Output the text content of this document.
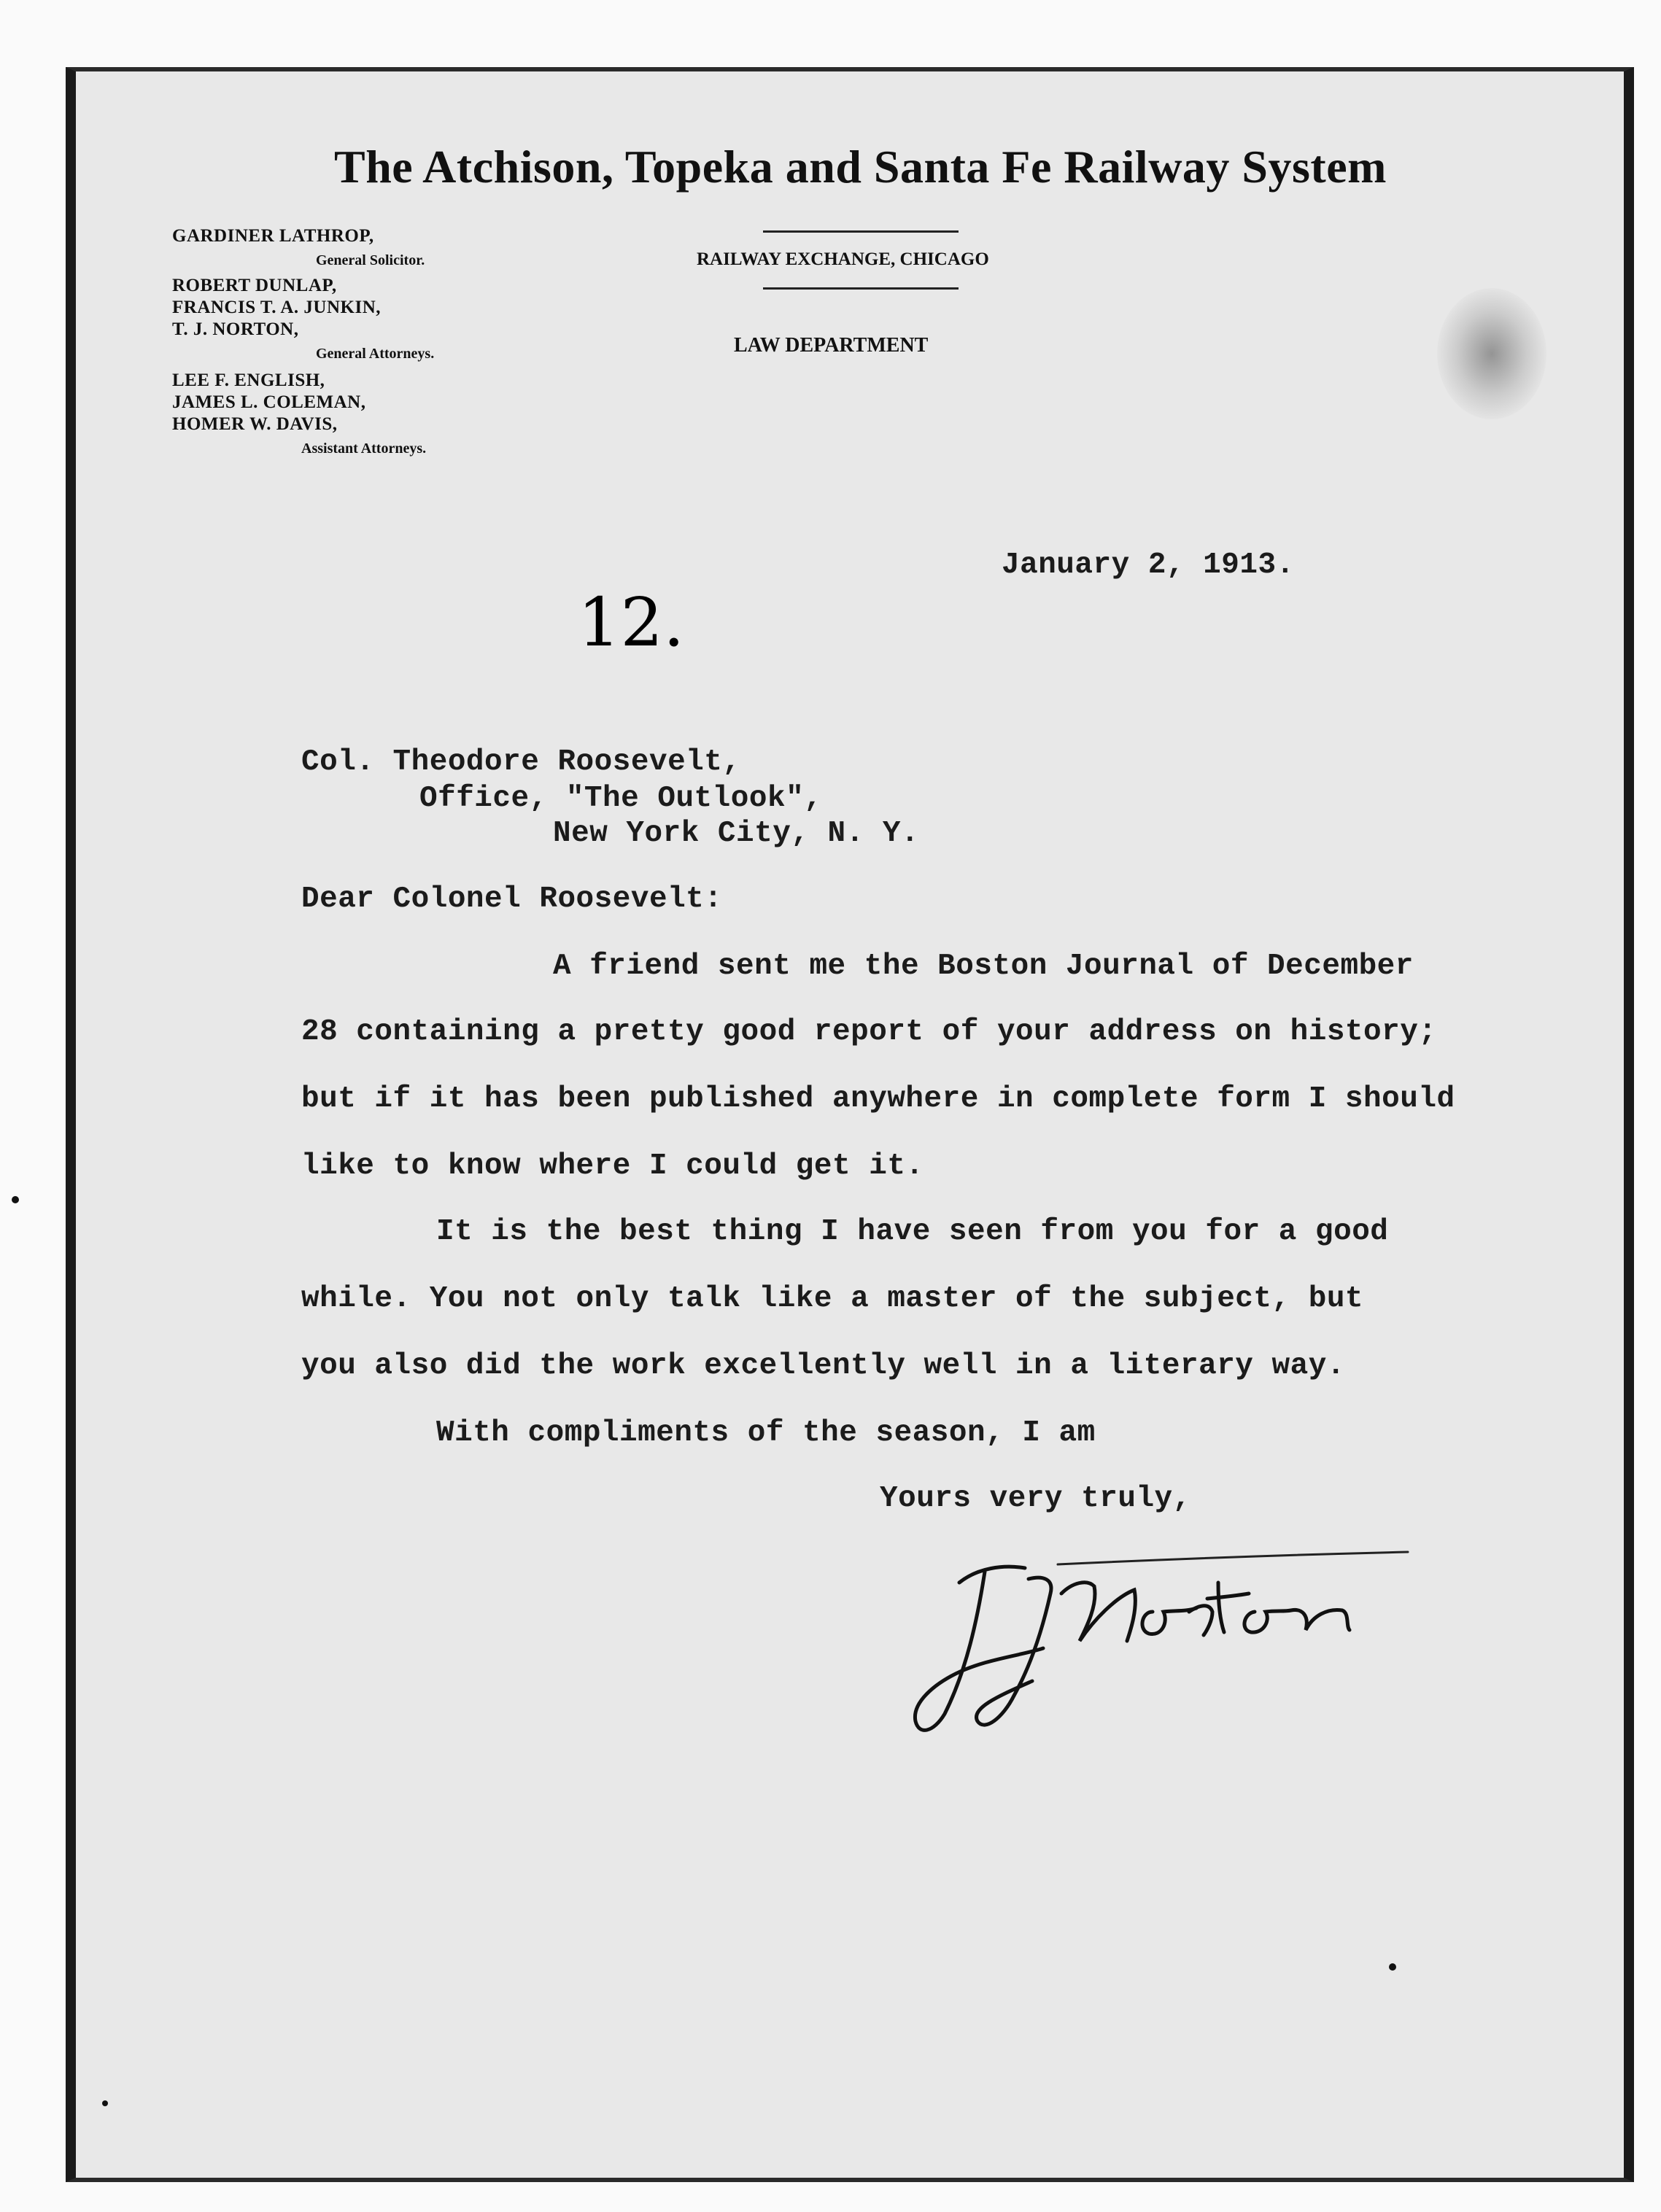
The Atchison, Topeka and Santa Fe Railway System
GARDINER LATHROP,
General Solicitor.
ROBERT DUNLAP,
FRANCIS T. A. JUNKIN,
T. J. NORTON,
General Attorneys.
LEE F. ENGLISH,
JAMES L. COLEMAN,
HOMER W. DAVIS,
Assistant Attorneys.
RAILWAY EXCHANGE, CHICAGO
LAW DEPARTMENT
12.
January 2, 1913.
Col. Theodore Roosevelt,
Office, "The Outlook",
New York City, N. Y.
Dear Colonel Roosevelt:
A friend sent me the Boston Journal of December
28 containing a pretty good report of your address on history;
but if it has been published anywhere in complete form I should
like to know where I could get it.
It is the best thing I have seen from you for a good
while. You not only talk like a master of the subject, but
you also did the work excellently well in a literary way.
With compliments of the season, I am
Yours very truly,
